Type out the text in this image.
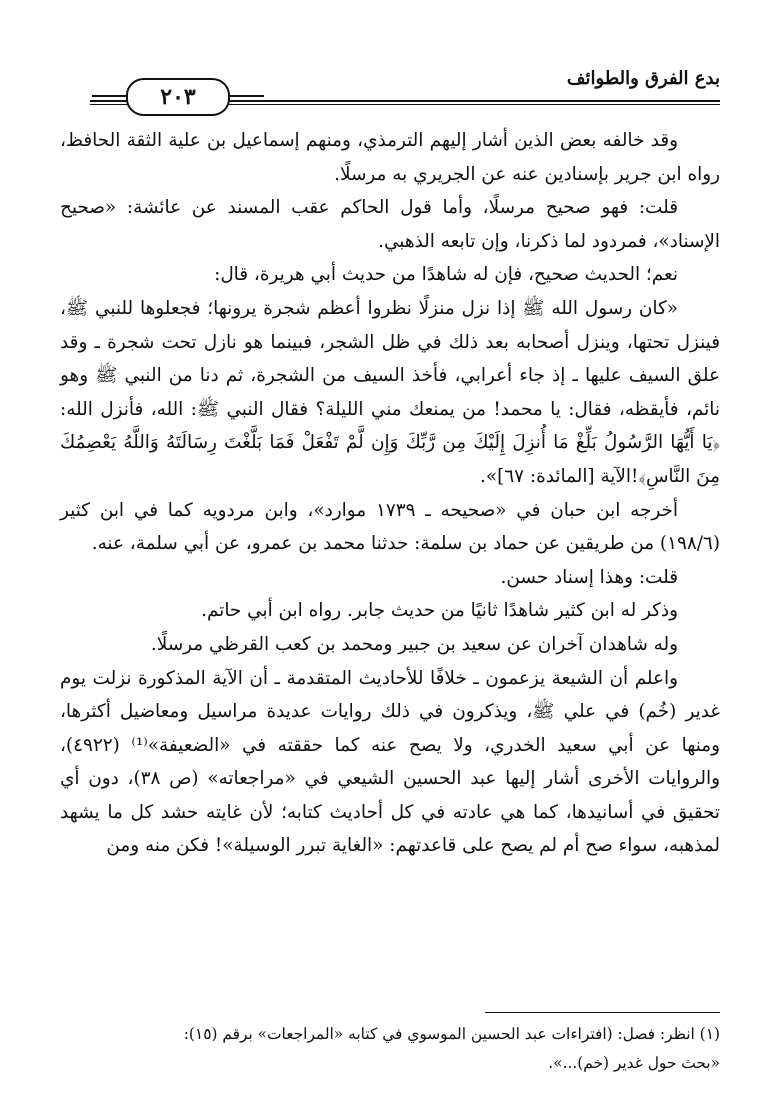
بدع الفرق والطوائف
٢٠٣

وقد خالفه بعض الذين أشار إليهم الترمذي، ومنهم إسماعيل بن علية الثقة الحافظ، رواه ابن جرير بإسنادين عنه عن الجريري به مرسلًا.

قلت: فهو صحيح مرسلًا، وأما قول الحاكم عقب المسند عن عائشة: «صحيح الإسناد»، فمردود لما ذكرنا، وإن تابعه الذهبي.

نعم؛ الحديث صحيح، فإن له شاهدًا من حديث أبي هريرة، قال:

«كان رسول الله ﷺ إذا نزل منزلًا نظروا أعظم شجرة يرونها؛ فجعلوها للنبي ﷺ، فينزل تحتها، وينزل أصحابه بعد ذلك في ظل الشجر، فبينما هو نازل تحت شجرة ـ وقد علق السيف عليها ـ إذ جاء أعرابي، فأخذ السيف من الشجرة، ثم دنا من النبي ﷺ وهو نائم، فأيقظه، فقال: يا محمد! من يمنعك مني الليلة؟ فقال النبي ﷺ: الله، فأنزل الله: ﴿يَا أَيُّهَا الرَّسُولُ بَلِّغْ مَا أُنزِلَ إِلَيْكَ مِن رَّبِّكَ وَإِن لَّمْ تَفْعَلْ فَمَا بَلَّغْتَ رِسَالَتَهُ وَاللَّهُ يَعْصِمُكَ مِنَ النَّاسِ﴾!الآية [المائدة: ٦٧]».

أخرجه ابن حبان في «صحيحه ـ ١٧٣٩ موارد»، وابن مردويه كما في ابن كثير (١٩٨/٦) من طريقين عن حماد بن سلمة: حدثنا محمد بن عمرو، عن أبي سلمة، عنه.

قلت: وهذا إسناد حسن.

وذكر له ابن كثير شاهدًا ثانيًا من حديث جابر. رواه ابن أبي حاتم.

وله شاهدان آخران عن سعيد بن جبير ومحمد بن كعب القرظي مرسلًا.

واعلم أن الشيعة يزعمون ـ خلافًا للأحاديث المتقدمة ـ أن الآية المذكورة نزلت يوم غدير (خُم) في علي ﷺ، ويذكرون في ذلك روايات عديدة مراسيل ومعاضيل أكثرها، ومنها عن أبي سعيد الخدري، ولا يصح عنه كما حققته في «الضعيفة»⁽¹⁾ (٤٩٢٢)، والروايات الأخرى أشار إليها عبد الحسين الشيعي في «مراجعاته» (ص ٣٨)، دون أي تحقيق في أسانيدها، كما هي عادته في كل أحاديث كتابه؛ لأن غايته حشد كل ما يشهد لمذهبه، سواء صح أم لم يصح على قاعدتهم: «الغاية تبرر الوسيلة»! فكن منه ومن

(١) انظر: فصل: (افتراءات عبد الحسين الموسوي في كتابه «المراجعات» برقم (١٥):

«بحث حول غدير (خم)...».
